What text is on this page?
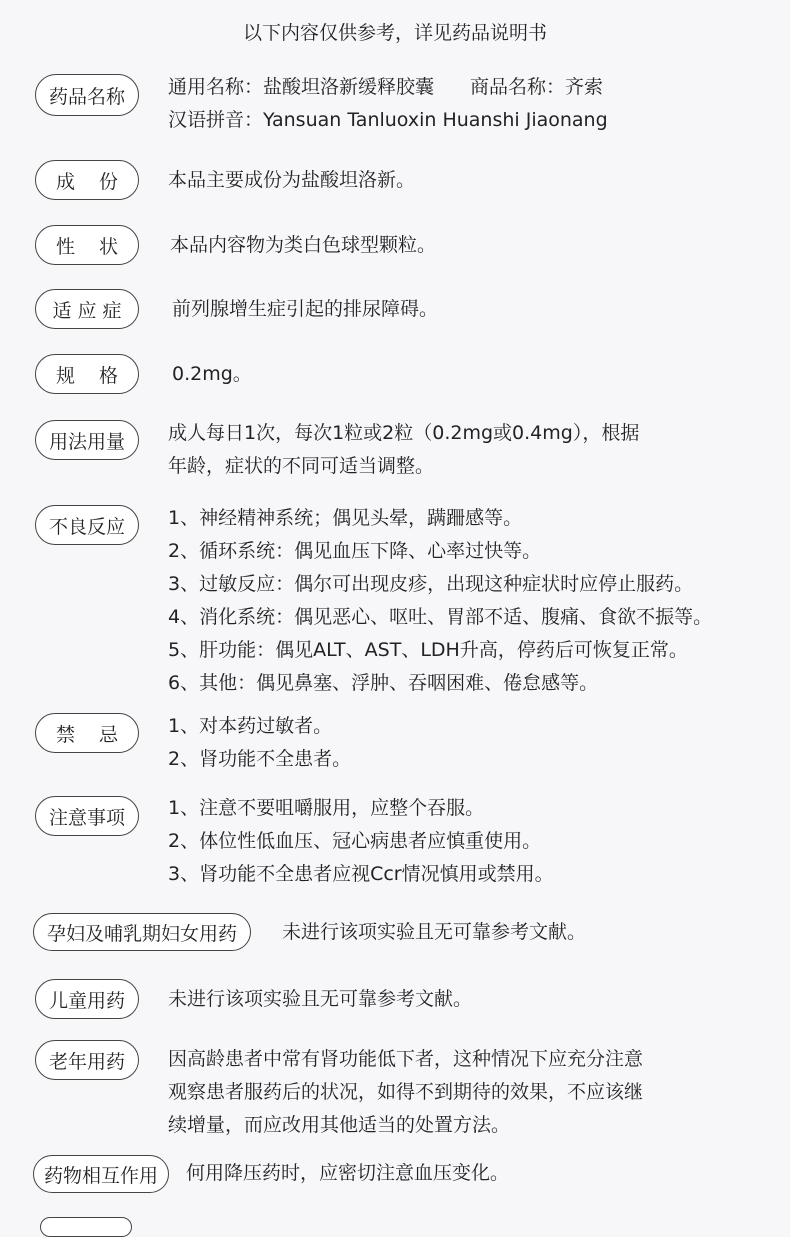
以下内容仅供参考，详见药品说明书
药品名称	通用名称：盐酸坦洛新缓释胶囊 商品名称：齐索
汉语拼音：Yansuan Tanluoxin Huanshi Jiaonang
成 份	本品主要成份为盐酸坦洛新。
性 状	本品内容物为类白色球型颗粒。
适 应 症	前列腺增生症引起的排尿障碍。
规 格	0.2mg。
用法用量	成人每日1次，每次1粒或2粒（0.2mg或0.4mg），根据
年龄，症状的不同可适当调整。
不良反应	1、神经精神系统；偶见头晕，蹒跚感等。
2、循环系统：偶见血压下降、心率过快等。
3、过敏反应：偶尔可出现皮疹，出现这种症状时应停止服药。
4、消化系统：偶见恶心、呕吐、胃部不适、腹痛、食欲不振等。
5、肝功能：偶见ALT、AST、LDH升高，停药后可恢复正常。
6、其他：偶见鼻塞、浮肿、吞咽困难、倦怠感等。
禁 忌	1、对本药过敏者。
2、肾功能不全患者。
注意事项	1、注意不要咀嚼服用，应整个吞服。
2、体位性低血压、冠心病患者应慎重使用。
3、肾功能不全患者应视Ccr情况慎用或禁用。
孕妇及哺乳期妇女用药	未进行该项实验且无可靠参考文献。
儿童用药	未进行该项实验且无可靠参考文献。
老年用药	因高龄患者中常有肾功能低下者，这种情况下应充分注意
观察患者服药后的状况，如得不到期待的效果，不应该继
续增量，而应改用其他适当的处置方法。
药物相互作用	何用降压药时，应密切注意血压变化。
